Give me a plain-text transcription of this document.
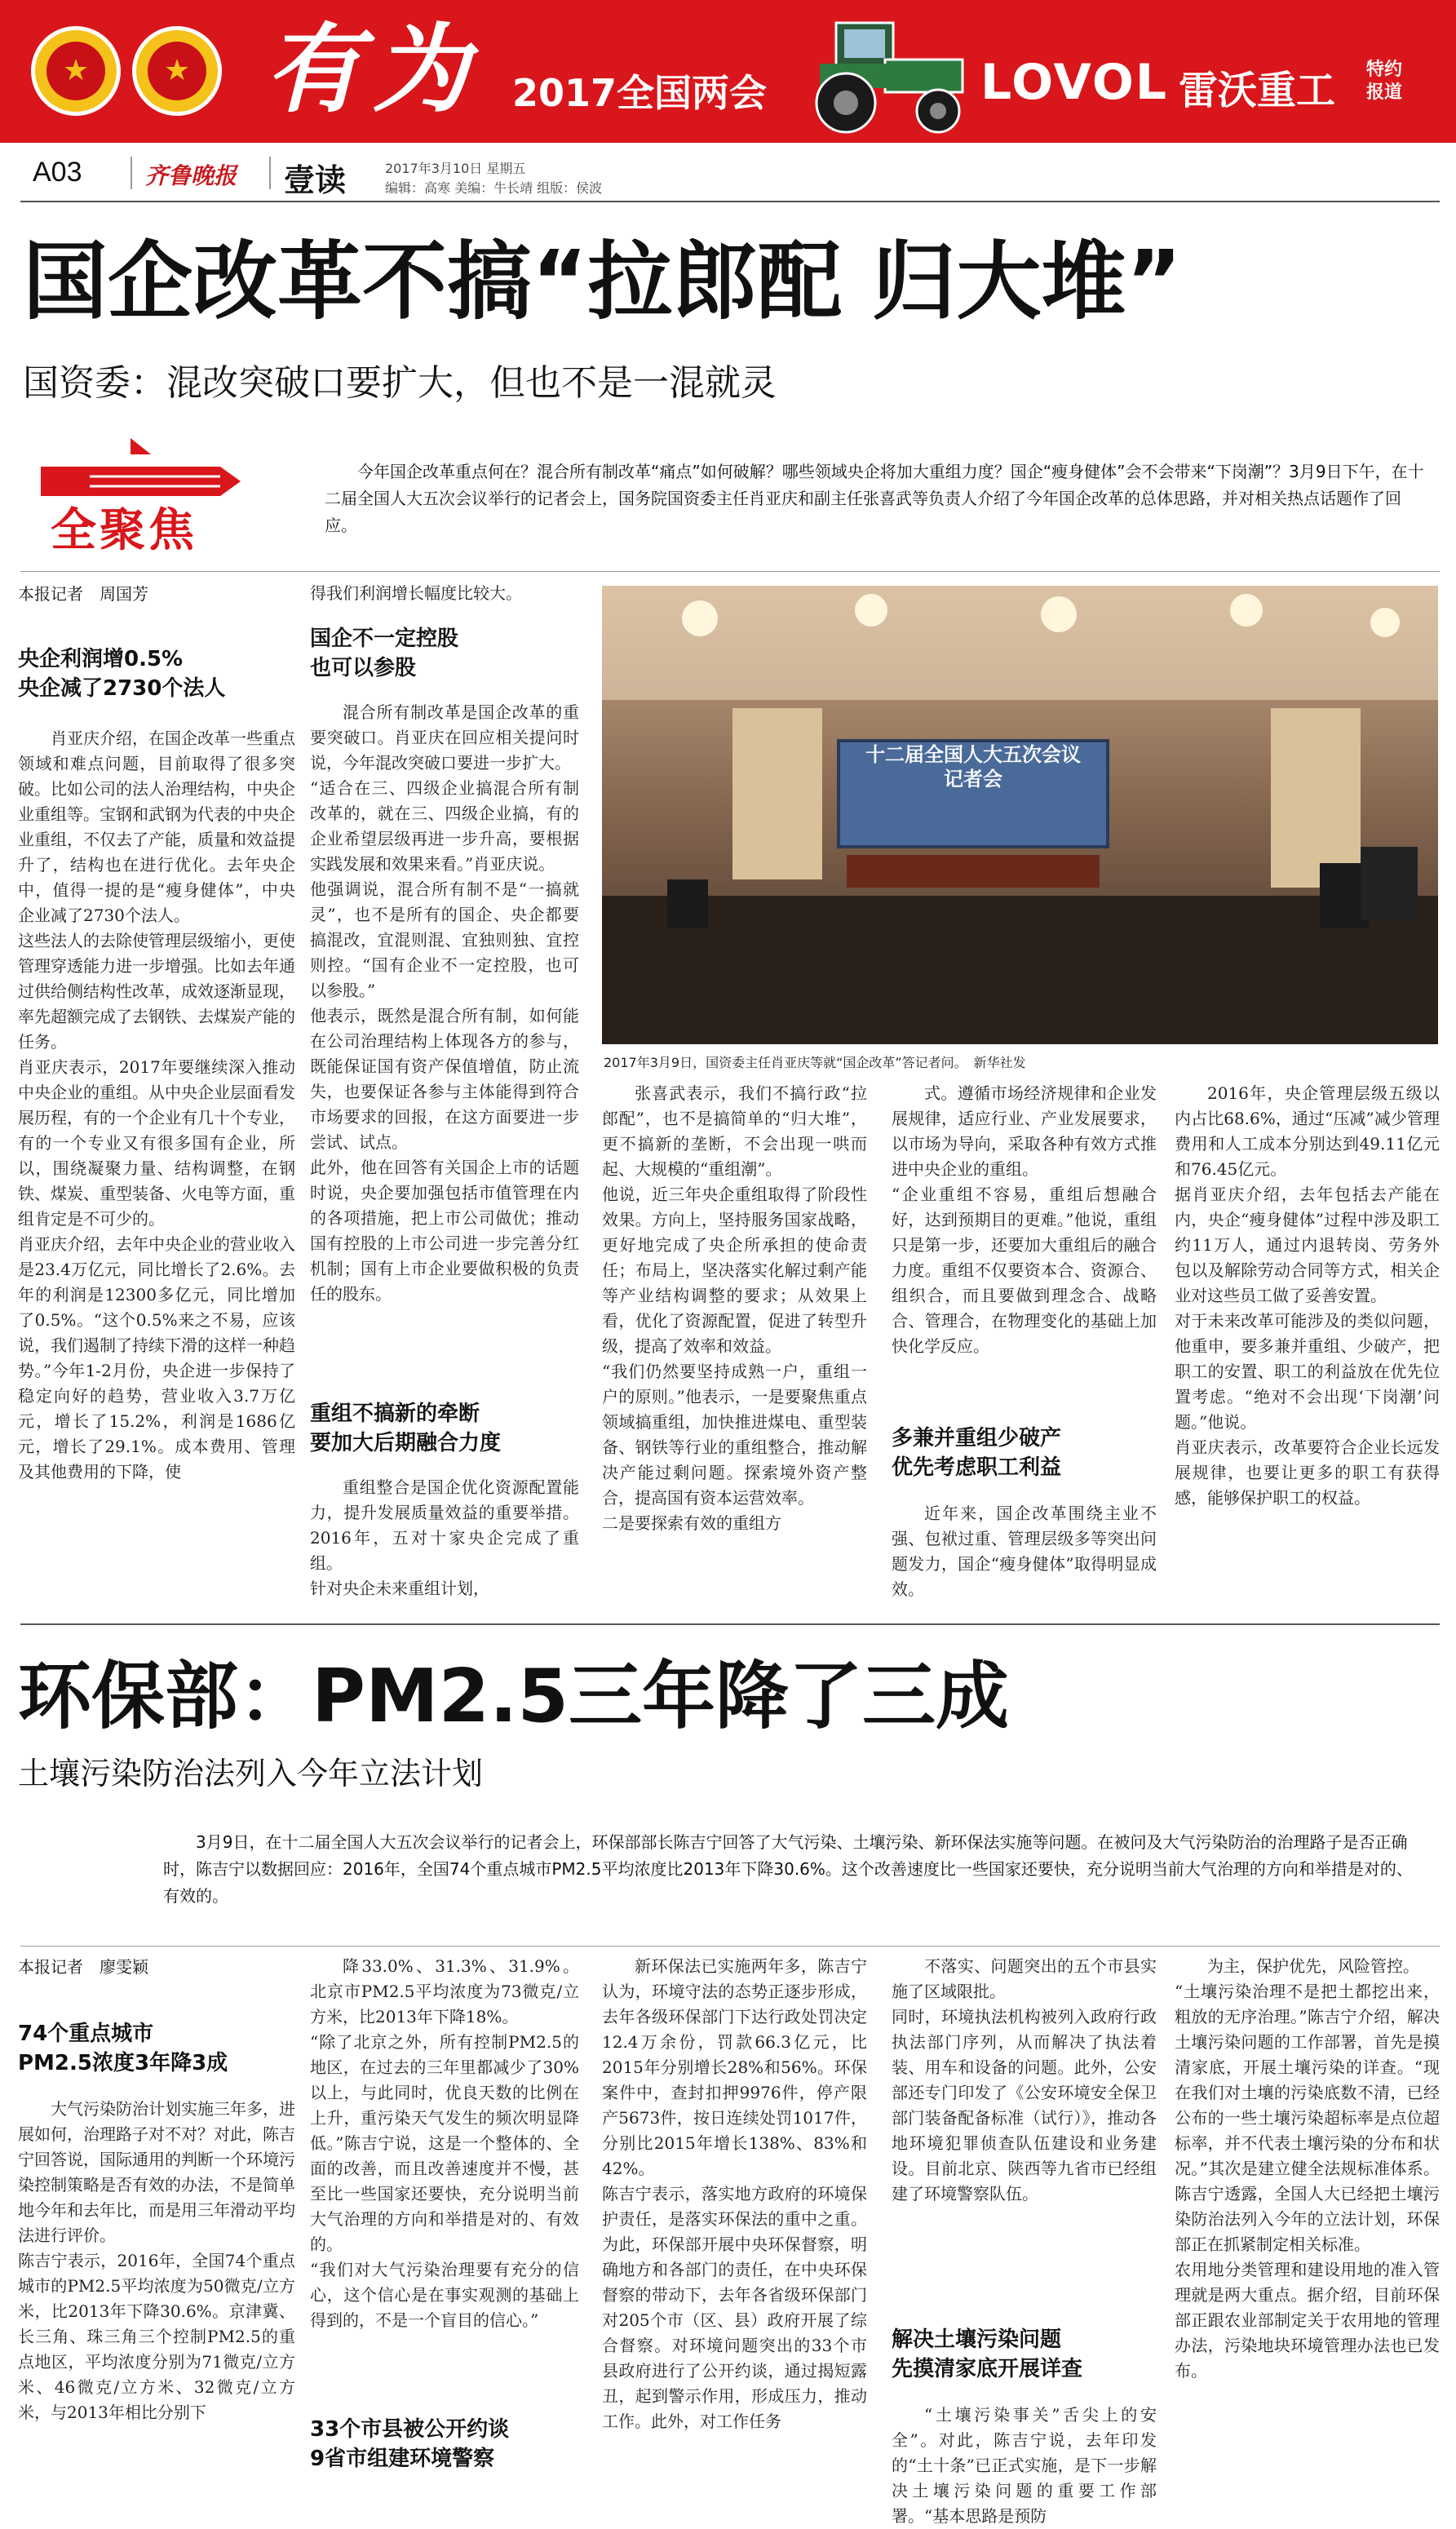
★	★ 有为 2017全国两会	LOVOL 雷沃重工 特约报道
A03	齐鲁晚报 壹读	2017年3月10日 星期五
编辑：高寒 美编：牛长靖 组版：侯波
国企改革不搞“拉郎配 归大堆”
国资委：混改突破口要扩大，但也不是一混就灵
全聚焦
今年国企改革重点何在？混合所有制改革“痛点”如何破解？哪些领域央企将加大重组力度？国企“瘦身健体”会不会带来“下岗潮”？3月9日下午，在十二届全国人大五次会议举行的记者会上，国务院国资委主任肖亚庆和副主任张喜武等负责人介绍了今年国企改革的总体思路，并对相关热点话题作了回应。
本报记者　周国芳
央企利润增0.5%
央企减了2730个法人
肖亚庆介绍，在国企改革一些重点领域和难点问题，目前取得了很多突破。比如公司的法人治理结构，中央企业重组等。宝钢和武钢为代表的中央企业重组，不仅去了产能，质量和效益提升了，结构也在进行优化。去年央企中，值得一提的是“瘦身健体”，中央企业减了2730个法人。
这些法人的去除使管理层级缩小，更使管理穿透能力进一步增强。比如去年通过供给侧结构性改革，成效逐渐显现，率先超额完成了去钢铁、去煤炭产能的任务。
肖亚庆表示，2017年要继续深入推动中央企业的重组。从中央企业层面看发展历程，有的一个企业有几十个专业，有的一个专业又有很多国有企业，所以，围绕凝聚力量、结构调整，在钢铁、煤炭、重型装备、火电等方面，重组肯定是不可少的。
肖亚庆介绍，去年中央企业的营业收入是23.4万亿元，同比增长了2.6%。去年的利润是12300多亿元，同比增加了0.5%。“这个0.5%来之不易，应该说，我们遏制了持续下滑的这样一种趋势。”今年1-2月份，央企进一步保持了稳定向好的趋势，营业收入3.7万亿元，增长了15.2%，利润是1686亿元，增长了29.1%。成本费用、管理及其他费用的下降，使
得我们利润增长幅度比较大。
国企不一定控股
也可以参股
混合所有制改革是国企改革的重要突破口。肖亚庆在回应相关提问时说，今年混改突破口要进一步扩大。
“适合在三、四级企业搞混合所有制改革的，就在三、四级企业搞，有的企业希望层级再进一步升高，要根据实践发展和效果来看。”肖亚庆说。
他强调说，混合所有制不是“一搞就灵”，也不是所有的国企、央企都要搞混改，宜混则混、宜独则独、宜控则控。“国有企业不一定控股，也可以参股。”
他表示，既然是混合所有制，如何能在公司治理结构上体现各方的参与，既能保证国有资产保值增值，防止流失，也要保证各参与主体能得到符合市场要求的回报，在这方面要进一步尝试、试点。
此外，他在回答有关国企上市的话题时说，央企要加强包括市值管理在内的各项措施，把上市公司做优；推动国有控股的上市公司进一步完善分红机制；国有上市企业要做积极的负责任的股东。
重组不搞新的牵断
要加大后期融合力度
重组整合是国企优化资源配置能力，提升发展质量效益的重要举措。2016年，五对十家央企完成了重组。
针对央企未来重组计划，
十二届全国人大五次会议
记者会
2017年3月9日，国资委主任肖亚庆等就“国企改革”答记者问。　新华社发
张喜武表示，我们不搞行政“拉郎配”，也不是搞简单的“归大堆”，更不搞新的垄断，不会出现一哄而起、大规模的“重组潮”。
他说，近三年央企重组取得了阶段性效果。方向上，坚持服务国家战略，更好地完成了央企所承担的使命责任；布局上，坚决落实化解过剩产能等产业结构调整的要求；从效果上看，优化了资源配置，促进了转型升级，提高了效率和效益。
“我们仍然要坚持成熟一户，重组一户的原则。”他表示，一是要聚焦重点领域搞重组，加快推进煤电、重型装备、钢铁等行业的重组整合，推动解决产能过剩问题。探索境外资产整合，提高国有资本运营效率。
二是要探索有效的重组方
式。遵循市场经济规律和企业发展规律，适应行业、产业发展要求，以市场为导向，采取各种有效方式推进中央企业的重组。
“企业重组不容易，重组后想融合好，达到预期目的更难。”他说，重组只是第一步，还要加大重组后的融合力度。重组不仅要资本合、资源合、组织合，而且要做到理念合、战略合、管理合，在物理变化的基础上加快化学反应。
多兼并重组少破产
优先考虑职工利益
近年来，国企改革围绕主业不强、包袱过重、管理层级多等突出问题发力，国企“瘦身健体”取得明显成效。
2016年，央企管理层级五级以内占比68.6%，通过“压减”减少管理费用和人工成本分别达到49.11亿元和76.45亿元。
据肖亚庆介绍，去年包括去产能在内，央企“瘦身健体”过程中涉及职工约11万人，通过内退转岗、劳务外包以及解除劳动合同等方式，相关企业对这些员工做了妥善安置。
对于未来改革可能涉及的类似问题，他重申，要多兼并重组、少破产，把职工的安置、职工的利益放在优先位置考虑。“绝对不会出现‘下岗潮’问题。”他说。
肖亚庆表示，改革要符合企业长远发展规律，也要让更多的职工有获得感，能够保护职工的权益。
环保部：PM2.5三年降了三成
土壤污染防治法列入今年立法计划
3月9日，在十二届全国人大五次会议举行的记者会上，环保部部长陈吉宁回答了大气污染、土壤污染、新环保法实施等问题。在被问及大气污染防治的治理路子是否正确时，陈吉宁以数据回应：2016年，全国74个重点城市PM2.5平均浓度比2013年下降30.6%。这个改善速度比一些国家还要快，充分说明当前大气治理的方向和举措是对的、有效的。
本报记者　廖雯颖
74个重点城市
PM2.5浓度3年降3成
大气污染防治计划实施三年多，进展如何，治理路子对不对？对此，陈吉宁回答说，国际通用的判断一个环境污染控制策略是否有效的办法，不是简单地今年和去年比，而是用三年滑动平均法进行评价。
陈吉宁表示，2016年，全国74个重点城市的PM2.5平均浓度为50微克/立方米，比2013年下降30.6%。京津冀、长三角、珠三角三个控制PM2.5的重点地区，平均浓度分别为71微克/立方米、46微克/立方米、32微克/立方米，与2013年相比分别下
降33.0%、31.3%、31.9%。北京市PM2.5平均浓度为73微克/立方米，比2013年下降18%。
“除了北京之外，所有控制PM2.5的地区，在过去的三年里都减少了30%以上，与此同时，优良天数的比例在上升，重污染天气发生的频次明显降低。”陈吉宁说，这是一个整体的、全面的改善，而且改善速度并不慢，甚至比一些国家还要快，充分说明当前大气治理的方向和举措是对的、有效的。
“我们对大气污染治理要有充分的信心，这个信心是在事实观测的基础上得到的，不是一个盲目的信心。”
33个市县被公开约谈
9省市组建环境警察
新环保法已实施两年多，陈吉宁认为，环境守法的态势正逐步形成，去年各级环保部门下达行政处罚决定12.4万余份，罚款66.3亿元，比2015年分别增长28%和56%。环保案件中，查封扣押9976件，停产限产5673件，按日连续处罚1017件，分别比2015年增长138%、83%和42%。
陈吉宁表示，落实地方政府的环境保护责任，是落实环保法的重中之重。为此，环保部开展中央环保督察，明确地方和各部门的责任，在中央环保督察的带动下，去年各省级环保部门对205个市（区、县）政府开展了综合督察。对环境问题突出的33个市县政府进行了公开约谈，通过揭短露丑，起到警示作用，形成压力，推动工作。此外，对工作任务
不落实、问题突出的五个市县实施了区域限批。
同时，环境执法机构被列入政府行政执法部门序列，从而解决了执法着装、用车和设备的问题。此外，公安部还专门印发了《公安环境安全保卫部门装备配备标准（试行）》，推动各地环境犯罪侦查队伍建设和业务建设。目前北京、陕西等九省市已经组建了环境警察队伍。
解决土壤污染问题
先摸清家底开展详查
“土壤污染事关”舌尖上的安全”。对此，陈吉宁说，去年印发的“土十条”已正式实施，是下一步解决土壤污染问题的重要工作部署。“基本思路是预防
为主，保护优先，风险管控。
“土壤污染治理不是把土都挖出来，粗放的无序治理。”陈吉宁介绍，解决土壤污染问题的工作部署，首先是摸清家底，开展土壤污染的详查。“现在我们对土壤的污染底数不清，已经公布的一些土壤污染超标率是点位超标率，并不代表土壤污染的分布和状况。”其次是建立健全法规标准体系。陈吉宁透露，全国人大已经把土壤污染防治法列入今年的立法计划，环保部正在抓紧制定相关标准。
农用地分类管理和建设用地的准入管理就是两大重点。据介绍，目前环保部正跟农业部制定关于农用地的管理办法，污染地块环境管理办法也已发布。
